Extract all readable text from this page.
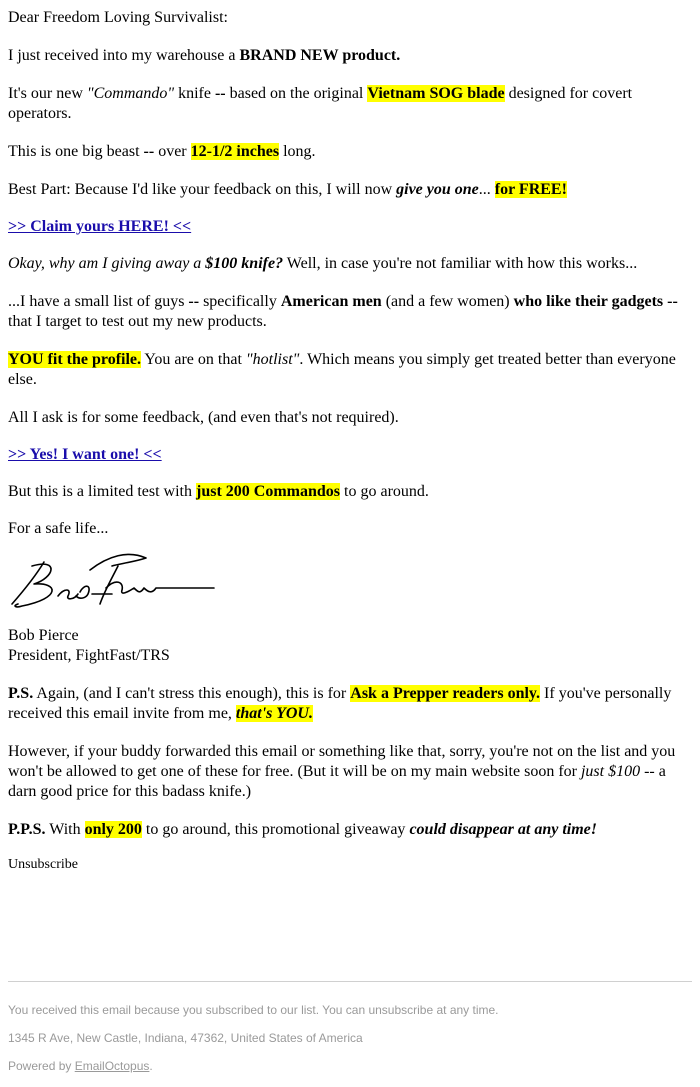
Dear Freedom Loving Survivalist:

I just received into my warehouse a BRAND NEW product.

It's our new "Commando" knife -- based on the original Vietnam SOG blade designed for covert operators.

This is one big beast -- over 12-1/2 inches long.

Best Part: Because I'd like your feedback on this, I will now give you one... for FREE!

>> Claim yours HERE! <<

Okay, why am I giving away a $100 knife? Well, in case you're not familiar with how this works...

...I have a small list of guys -- specifically American men (and a few women) who like their gadgets -- that I target to test out my new products.

YOU fit the profile. You are on that "hotlist". Which means you simply get treated better than everyone else.

All I ask is for some feedback, (and even that's not required).

>> Yes! I want one! <<

But this is a limited test with just 200 Commandos to go around.

For a safe life...

Bob Pierce

President, FightFast/TRS

P.S. Again, (and I can't stress this enough), this is for Ask a Prepper readers only. If you've personally received this email invite from me, that's YOU.

However, if your buddy forwarded this email or something like that, sorry, you're not on the list and you won't be allowed to get one of these for free. (But it will be on my main website soon for just $100 -- a darn good price for this badass knife.)

P.P.S. With only 200 to go around, this promotional giveaway could disappear at any time!

Unsubscribe

You received this email because you subscribed to our list. You can unsubscribe at any time.
1345 R Ave, New Castle, Indiana, 47362, United States of America
Powered by EmailOctopus.
